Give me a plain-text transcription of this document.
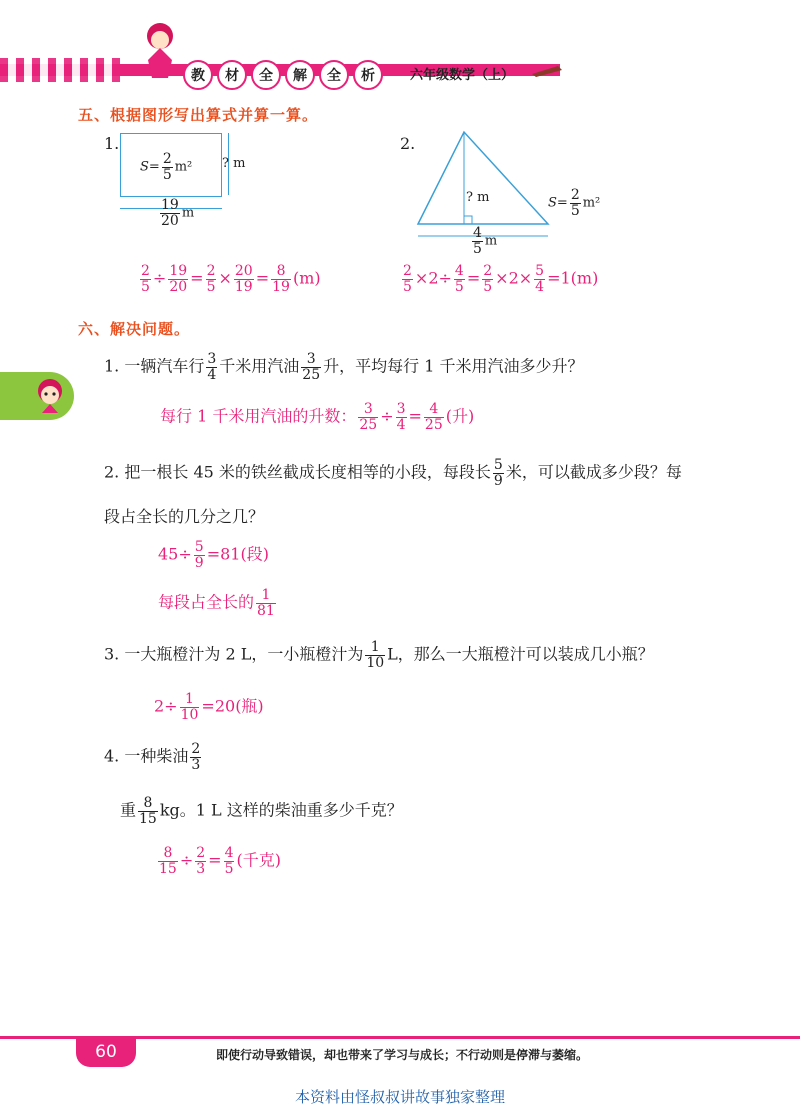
教	材	全	解	全	析	六年级数学（上）
五、根据图形写出算式并算一算。
1.
$S= \frac{2}{5} m^2$ ? m
$\frac{19}{20}$ m
2.
? m	$S= \frac{2}{5} m^2$
$\frac{4}{5}$ m
$\frac{2}{5} \div \frac{19}{20} = \frac{2}{5} \times \frac{20}{19} = \frac{8}{19} (m)$	$\frac{2}{5} \times 2\div \frac{4}{5} = \frac{2}{5} \times 2\times \frac{5}{4} =1(m)$
六、解决问题。
1. 一辆汽车行 $\frac{3}{4}$ 千米用汽油 $\frac{3}{25}$ 升，平均每行 1 千米用汽油多少升？
每行 1 千米用汽油的升数： $\frac{3}{25} \div \frac{3}{4} = \frac{4}{25}$ (升)
2. 把一根长 45 米的铁丝截成长度相等的小段，每段长 $\frac{5}{9}$ 米，可以截成多少段？每
段占全长的几分之几？
$45\div \frac{5}{9} =81$(段)
每段占全长的 $\frac{1}{81}$
3. 一大瓶橙汁为 2 L，一小瓶橙汁为 $\frac{1}{10}$ L，那么一大瓶橙汁可以装成几小瓶？
$2\div \frac{1}{10} =20$(瓶)
4. 一种柴油 $\frac{2}{3}$
重 $\frac{8}{15}$ kg。1 L 这样的柴油重多少千克？
$\frac{8}{15} \div \frac{2}{3} = \frac{4}{5}$ (千克)
60	即使行动导致错误，却也带来了学习与成长；不行动则是停滞与萎缩。
本资料由怪叔叔讲故事独家整理
